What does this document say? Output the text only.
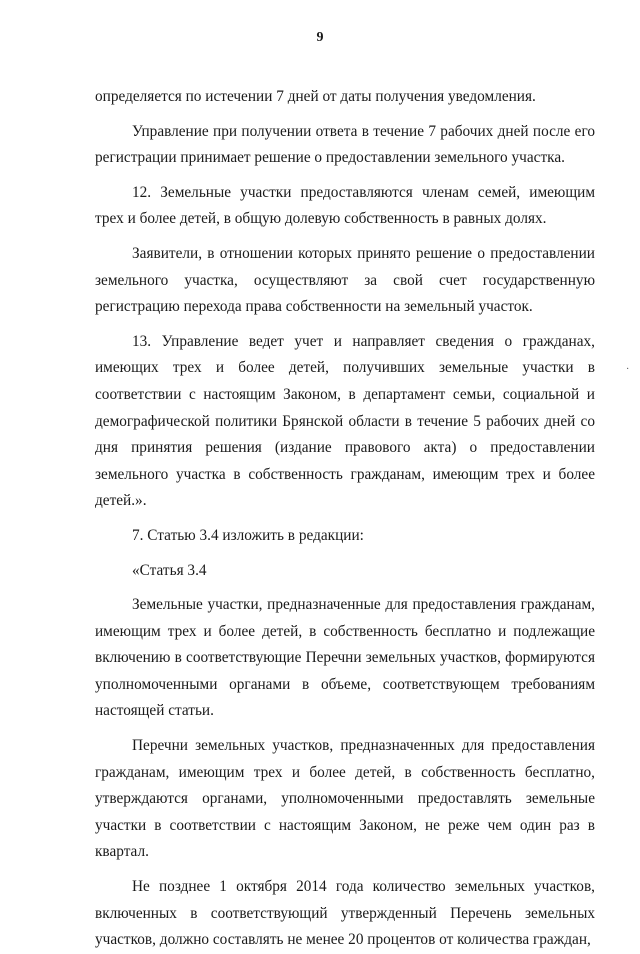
9

определяется по истечении 7 дней от даты получения уведомления.

Управление при получении ответа в течение 7 рабочих дней после его регистрации принимает решение о предоставлении земельного участка.

12. Земельные участки предоставляются членам семей, имеющим трех и более детей, в общую долевую собственность в равных долях.

Заявители, в отношении которых принято решение о предоставлении земельного участка, осуществляют за свой счет государственную регистрацию перехода права собственности на земельный участок.

13. Управление ведет учет и направляет сведения о гражданах, имеющих трех и более детей, получивших земельные участки в соответствии с настоящим Законом, в департамент семьи, социальной и демографической политики Брянской области в течение 5 рабочих дней со дня принятия решения (издание правового акта) о предоставлении земельного участка в собственность гражданам, имеющим трех и более детей.».

7. Статью 3.4 изложить в редакции:

«Статья 3.4

Земельные участки, предназначенные для предоставления гражданам, имеющим трех и более детей, в собственность бесплатно и подлежащие включению в соответствующие Перечни земельных участков, формируются уполномоченными органами в объеме, соответствующем требованиям настоящей статьи.

Перечни земельных участков, предназначенных для предоставления гражданам, имеющим трех и более детей, в собственность бесплатно, утверждаются органами, уполномоченными предоставлять земельные участки в соответствии с настоящим Законом, не реже чем один раз в квартал.

Не позднее 1 октября 2014 года количество земельных участков, включенных в соответствующий утвержденный Перечень земельных участков, должно составлять не менее 20 процентов от количества граждан,

·
